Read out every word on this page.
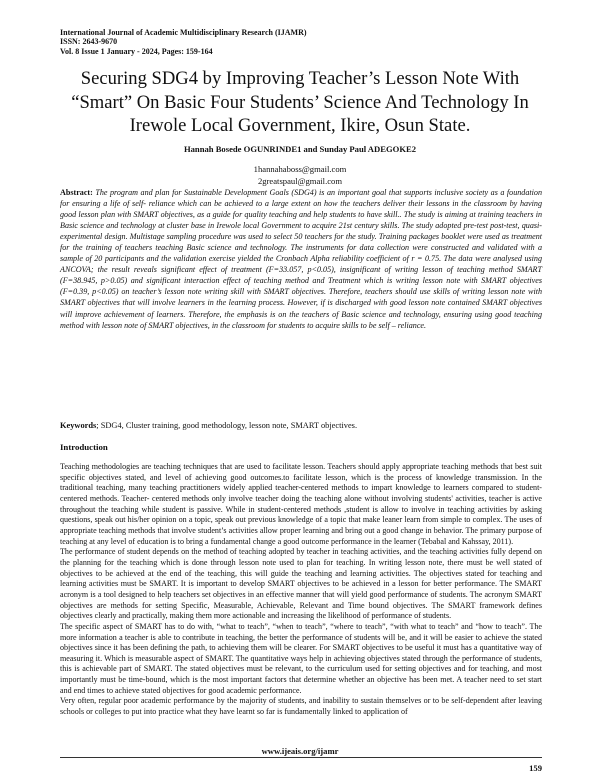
International Journal of Academic Multidisciplinary Research (IJAMR)
ISSN: 2643-9670
Vol. 8 Issue 1 January - 2024, Pages: 159-164
Securing SDG4 by Improving Teacher’s Lesson Note With “Smart” On Basic Four Students’ Science And Technology In Irewole Local Government, Ikire, Osun State.
Hannah Bosede OGUNRINDE1 and Sunday Paul ADEGOKE2
1hannahaboss@gmail.com
2greatspaul@gmail.com
Abstract: The program and plan for Sustainable Development Goals (SDG4) is an important goal that supports inclusive society as a foundation for ensuring a life of self- reliance which can be achieved to a large extent on how the teachers deliver their lessons in the classroom by having good lesson plan with SMART objectives, as a guide for quality teaching and help students to have skill.. The study is aiming at training teachers in Basic science and technology at cluster base in Irewole local Government to acquire 21st century skills. The study adopted pre-test post-test, quasi- experimental design. Multistage sampling procedure was used to select 50 teachers for the study. Training packages booklet were used as treatment for the training of teachers teaching Basic science and technology. The instruments for data collection were constructed and validated with a sample of 20 participants and the validation exercise yielded the Cronbach Alpha reliability coefficient of r = 0.75. The data were analysed using ANCOVA; the result reveals significant effect of treatment (F=33.057, p<0.05), insignificant of writing lesson of teaching method SMART (F=38.945, p>0.05) and significant interaction effect of teaching method and Treatment which is writing lesson note with SMART objectives (F=0.39, p<0.05) on teacher’s lesson note writing skill with SMART objectives. Therefore, teachers should use skills of writing lesson note with SMART objectives that will involve learners in the learning process. However, if is discharged with good lesson note contained SMART objectives will improve achievement of learners. Therefore, the emphasis is on the teachers of Basic science and technology, ensuring using good teaching method with lesson note of SMART objectives, in the classroom for students to acquire skills to be self – reliance.
Keywords; SDG4, Cluster training, good methodology, lesson note, SMART objectives.
Introduction

Teaching methodologies are teaching techniques that are used to facilitate lesson. Teachers should apply appropriate teaching methods that best suit specific objectives stated, and level of achieving good outcomes.to facilitate lesson, which is the process of knowledge transmission. In the traditional teaching, many teaching practitioners widely applied teacher-centered methods to impart knowledge to learners compared to student-centered methods. Teacher- centered methods only involve teacher doing the teaching alone without involving students' activities, teacher is active throughout the teaching while student is passive. While in student-centered methods ,student is allow to involve in teaching activities by asking questions, speak out his/her opinion on a topic, speak out previous knowledge of a topic that make leaner learn from simple to complex. The uses of appropriate teaching methods that involve student’s activities allow proper learning and bring out a good change in behavior. The primary purpose of teaching at any level of education is to bring a fundamental change a good outcome performance in the learner (Tebabal and Kahssay, 2011).

The performance of student depends on the method of teaching adopted by teacher in teaching activities, and the teaching activities fully depend on the planning for the teaching which is done through lesson note used to plan for teaching. In writing lesson note, there must be well stated of objectives to be achieved at the end of the teaching, this will guide the teaching and learning activities. The objectives stated for teaching and learning activities must be SMART. It is important to develop SMART objectives to be achieved in a lesson for better performance. The SMART acronym is a tool designed to help teachers set objectives in an effective manner that will yield good performance of students. The acronym SMART objectives are methods for setting Specific, Measurable, Achievable, Relevant and Time bound objectives. The SMART framework defines objectives clearly and practically, making them more actionable and increasing the likelihood of performance of students.

The specific aspect of SMART has to do with, “what to teach”, “when to teach”, “where to teach”, “with what to teach” and “how to teach”. The more information a teacher is able to contribute in teaching, the better the performance of students will be, and it will be easier to achieve the stated objectives since it has been defining the path, to achieving them will be clearer. For SMART objectives to be useful it must has a quantitative way of measuring it. Which is measurable aspect of SMART. The quantitative ways help in achieving objectives stated through the performance of students, this is achievable part of SMART. The stated objectives must be relevant, to the curriculum used for setting objectives and for teaching, and most importantly must be time-bound, which is the most important factors that determine whether an objective has been met. A teacher need to set start and end times to achieve stated objectives for good academic performance.

Very often, regular poor academic performance by the majority of students, and inability to sustain themselves or to be self-dependent after leaving schools or colleges to put into practice what they have learnt so far is fundamentally linked to application of

www.ijeais.org/ijamr
159
